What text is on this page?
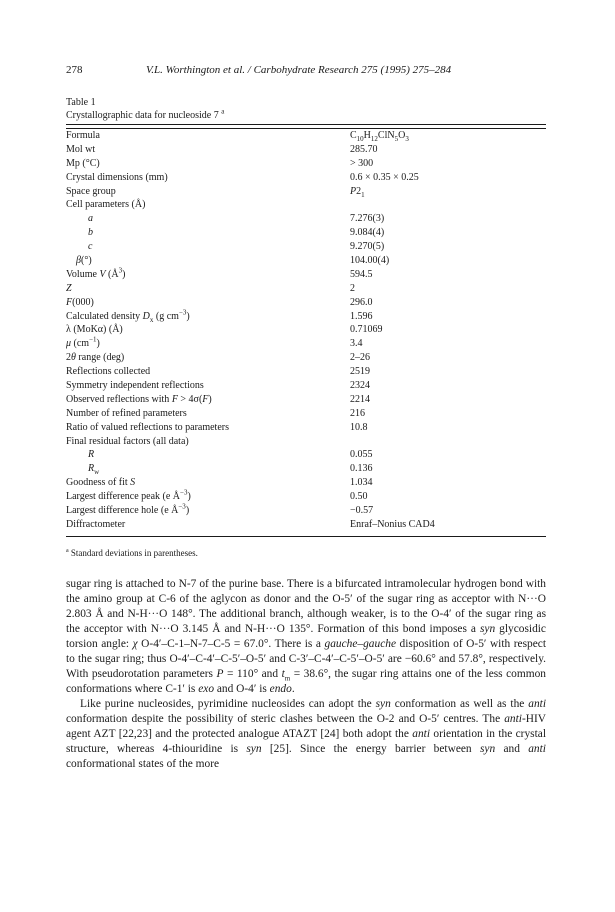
278	V.L. Worthington et al. / Carbohydrate Research 275 (1995) 275–284
Table 1
Crystallographic data for nucleoside 7 $^a$
Formula	$C_{10}H_{12}ClN_5O_3$
Mol wt	285.70
Mp (°C)	> 300
Crystal dimensions (mm)	0.6 × 0.35 × 0.25
Space group	$P2_1$
Cell parameters (Å)
a	7.276(3)
b	9.084(4)
c	9.270(5)
β(°)	104.00(4)
Volume V $(Å^3)$	594.5
Z	2
F(000)	296.0
Calculated density $D_x$ (g $cm^{-3}$)	1.596
λ (MoKα) (Å)	0.71069
μ $(cm^{-1})$	3.4
2θ range (deg)	2–26
Reflections collected	2519
Symmetry independent reflections	2324
Observed reflections with F > 4σ(F)	2214
Number of refined parameters	216
Ratio of valued reflections to parameters	10.8
Final residual factors (all data)
R	0.055
$R_w$	0.136
Goodness of fit S	1.034
Largest difference peak (e $Å^{-3}$)	0.50
Largest difference hole (e $Å^{-3}$)	−0.57
Diffractometer	Enraf–Nonius CAD4
$^a$ Standard deviations in parentheses.

sugar ring is attached to N-7 of the purine base. There is a bifurcated intramolecular hydrogen bond with the amino group at C-6 of the aglycon as donor and the O-5′ of the sugar ring as acceptor with N···O 2.803 Å and N-H···O 148°. The additional branch, although weaker, is to the O-4′ of the sugar ring as the acceptor with N···O 3.145 Å and N-H···O 135°. Formation of this bond imposes a syn glycosidic torsion angle: χ O-4′–C-1–N-7–C-5 = 67.0°. There is a gauche–gauche disposition of O-5′ with respect to the sugar ring; thus O-4′–C-4′–C-5′–O-5′ and C-3′–C-4′–C-5′–O-5′ are −60.6° and 57.8°, respectively. With pseudorotation parameters P = 110° and $t_m = 38.6^\circ$, the sugar ring attains one of the less common conformations where C-1′ is exo and O-4′ is endo.

Like purine nucleosides, pyrimidine nucleosides can adopt the syn conformation as well as the anti conformation despite the possibility of steric clashes between the O-2 and O-5′ centres. The anti-HIV agent AZT [22,23] and the protected analogue ATAZT [24] both adopt the anti orientation in the crystal structure, whereas 4-thiouridine is syn [25]. Since the energy barrier between syn and anti conformational states of the more
